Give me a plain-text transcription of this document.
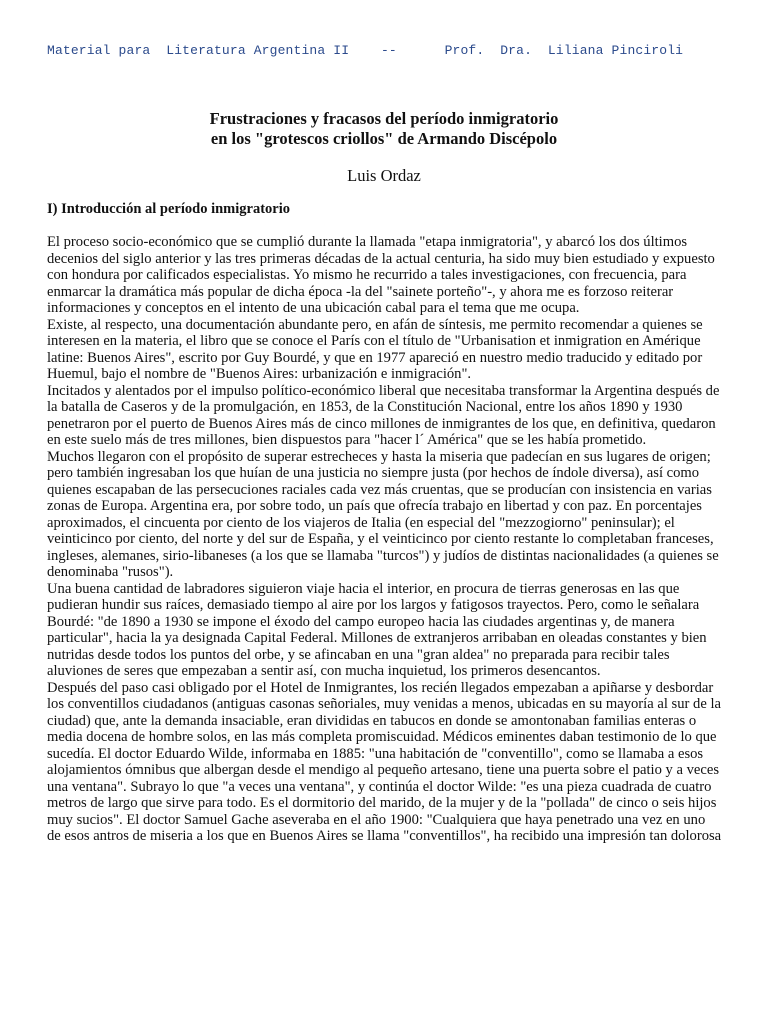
Material para  Literatura Argentina II    --      Prof.  Dra.  Liliana Pinciroli
Frustraciones y fracasos del período inmigratorio
en los "grotescos criollos" de Armando Discépolo
Luis Ordaz
I) Introducción al período inmigratorio

El proceso socio-económico que se cumplió durante la llamada "etapa inmigratoria", y abarcó los dos últimos decenios del siglo anterior y las tres primeras décadas de la actual centuria, ha sido muy bien estudiado y expuesto con hondura por calificados especialistas. Yo mismo he recurrido a tales investigaciones, con frecuencia, para enmarcar la dramática más popular de dicha época -la del "sainete porteño"-, y ahora me es forzoso reiterar informaciones y conceptos en el intento de una ubicación cabal para el tema que me ocupa.

Existe, al respecto, una documentación abundante pero, en afán de síntesis, me permito recomendar a quienes se interesen en la materia, el libro que se conoce el París con el título de "Urbanisation et inmigration en Amérique latine: Buenos Aires", escrito por Guy Bourdé, y que en 1977 apareció en nuestro medio traducido y editado por Huemul, bajo el nombre de "Buenos Aires: urbanización e inmigración".

Incitados y alentados por el impulso político-económico liberal que necesitaba transformar la Argentina después de la batalla de Caseros y de la promulgación, en 1853, de la Constitución Nacional, entre los años 1890 y 1930 penetraron por el puerto de Buenos Aires más de cinco millones de inmigrantes de los que, en definitiva, quedaron en este suelo más de tres millones, bien dispuestos para "hacer l´ América" que se les había prometido.

Muchos llegaron con el propósito de superar estrecheces y hasta la miseria que padecían en sus lugares de origen; pero también ingresaban los que huían de una justicia no siempre justa (por hechos de índole diversa), así como quienes escapaban de las persecuciones raciales cada vez más cruentas, que se producían con insistencia en varias zonas de Europa. Argentina era, por sobre todo, un país que ofrecía trabajo en libertad y con paz. En porcentajes aproximados, el cincuenta por ciento de los viajeros de Italia (en especial del "mezzogiorno" peninsular); el veinticinco por ciento, del norte y del sur de España, y el veinticinco por ciento restante lo completaban franceses, ingleses, alemanes, sirio-libaneses (a los que se llamaba "turcos") y judíos de distintas nacionalidades (a quienes se denominaba "rusos").

Una buena cantidad de labradores siguieron viaje hacia el interior, en procura de tierras generosas en las que pudieran hundir sus raíces, demasiado tiempo al aire por los largos y fatigosos trayectos. Pero, como le señalara Bourdé: "de 1890 a 1930 se impone el éxodo del campo europeo hacia las ciudades argentinas y, de manera particular", hacia la ya designada Capital Federal. Millones de extranjeros arribaban en oleadas constantes y bien nutridas desde todos los puntos del orbe, y se afincaban en una "gran aldea" no preparada para recibir tales aluviones de seres que empezaban a sentir así, con mucha inquietud, los primeros desencantos.

Después del paso casi obligado por el Hotel de Inmigrantes, los recién llegados empezaban a apiñarse y desbordar los conventillos ciudadanos (antiguas casonas señoriales, muy venidas a menos, ubicadas en su mayoría al sur de la ciudad) que, ante la demanda insaciable, eran divididas en tabucos en donde se amontonaban familias enteras o media docena de hombre solos, en las más completa promiscuidad. Médicos eminentes daban testimonio de lo que sucedía. El doctor Eduardo Wilde, informaba en 1885: "una habitación de "conventillo", como se llamaba a esos alojamientos ómnibus que albergan desde el mendigo al pequeño artesano, tiene una puerta sobre el patio y a veces una ventana". Subrayo lo que "a veces una ventana", y continúa el doctor Wilde: "es una pieza cuadrada de cuatro metros de largo que sirve para todo. Es el dormitorio del marido, de la mujer y de la "pollada" de cinco o seis hijos muy sucios". El doctor Samuel Gache aseveraba en el año 1900: "Cualquiera que haya penetrado una vez en uno de esos antros de miseria a los que en Buenos Aires se llama "conventillos", ha recibido una impresión tan dolorosa
